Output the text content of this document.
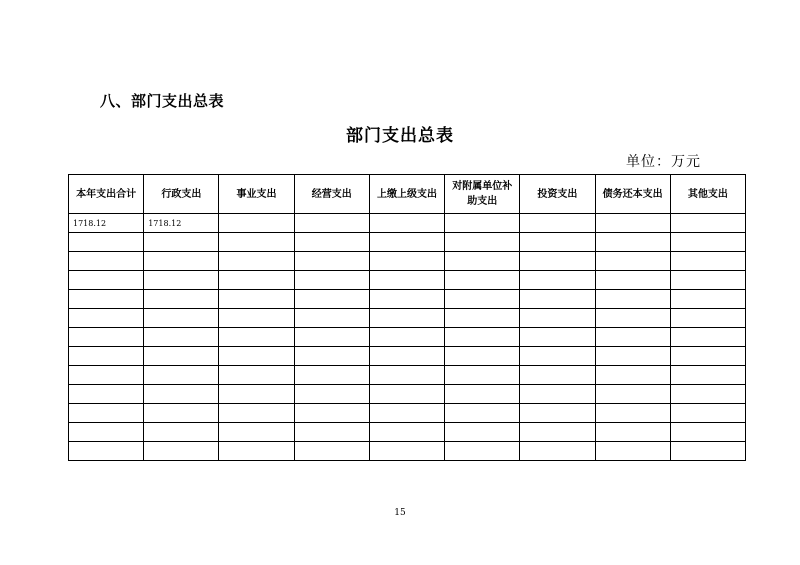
八、部门支出总表
部门支出总表
单位：万元
本年支出合计	行政支出	事业支出	经营支出	上缴上级支出	对附属单位补助支出	投资支出	债务还本支出	其他支出
1718.12	1718.12							

15
